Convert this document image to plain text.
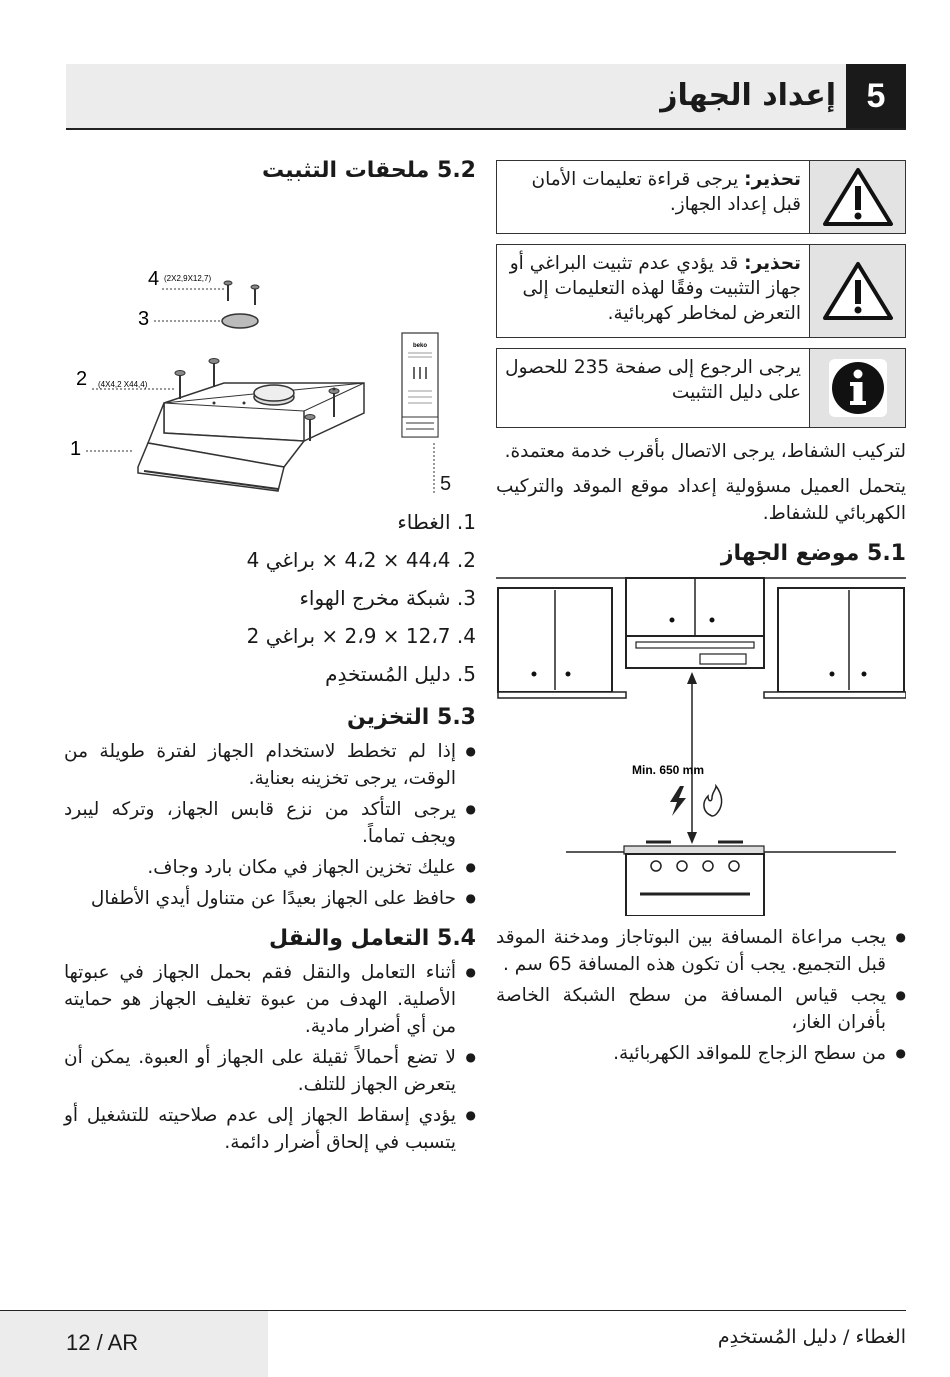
5
إعداد الجهاز
تحذير: يرجى قراءة تعليمات الأمان قبل إعداد الجهاز.
تحذير: قد يؤدي عدم تثبيت البراغي أو جهاز التثبيت وفقًا لهذه التعليمات إلى التعرض لمخاطر كهربائية.
يرجى الرجوع إلى صفحة 235 للحصول على دليل التثبيت

لتركيب الشفاط، يرجى الاتصال بأقرب خدمة معتمدة.

يتحمل العميل مسؤولية إعداد موقع الموقد والتركيب الكهربائي للشفاط.

5.1 موضع الجهاز
Min. 650 mm
● يجب مراعاة المسافة بين البوتاجاز ومدخنة الموقد قبل التجميع. يجب أن تكون هذه المسافة 65 سم .
● يجب قياس المسافة من سطح الشبكة الخاصة بأفران الغاز،
● من سطح الزجاج للمواقد الكهربائية.
5.2 ملحقات التثبيت
4 (2X2,9X12,7)
3
2 (4X4,2 X44,4)
1
beko
5
1. الغطاء
2. 44،4 × 4،2 × براغي 4
3. شبكة مخرج الهواء
4. 12،7 × 2،9 × براغي 2
5. دليل المُستخدِم
5.3 التخزين
● إذا لم تخطط لاستخدام الجهاز لفترة طويلة من الوقت، يرجى تخزينه بعناية.
● يرجى التأكد من نزع قابس الجهاز، وتركه ليبرد ويجف تماماً.
● عليك تخزين الجهاز في مكان بارد وجاف.
● حافظ على الجهاز بعيدًا عن متناول أيدي الأطفال
5.4 التعامل والنقل
● أثناء التعامل والنقل فقم بحمل الجهاز في عبوتها الأصلية. الهدف من عبوة تغليف الجهاز هو حمايته من أي أضرار مادية.
● لا تضع أحمالاً ثقيلة على الجهاز أو العبوة. يمكن أن يتعرض الجهاز للتلف.
● يؤدي إسقاط الجهاز إلى عدم صلاحيته للتشغيل أو يتسبب في إلحاق أضرار دائمة.
12 / AR	الغطاء / دليل المُستخدِم
